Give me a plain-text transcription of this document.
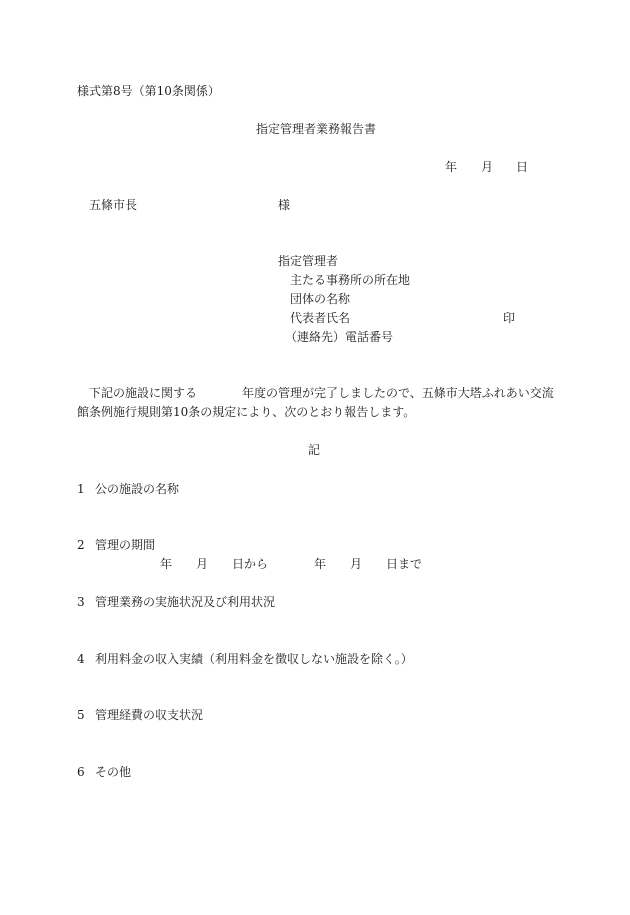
様式第8号（第10条関係）
指定管理者業務報告書
年 月 日
五條市長	様
指定管理者
主たる事務所の所在地
団体の名称
代表者氏名	印
（連絡先）電話番号
下記の施設に関する	年度の管理が完了しましたので、五條市大塔ふれあい交流
館条例施行規則第10条の規定により、次のとおり報告します。
記
1 公の施設の名称
2 管理の期間
年 月 日から	年 月 日まで
3 管理業務の実施状況及び利用状況
4 利用料金の収入実績（利用料金を徴収しない施設を除く。）
5 管理経費の収支状況
6 その他
